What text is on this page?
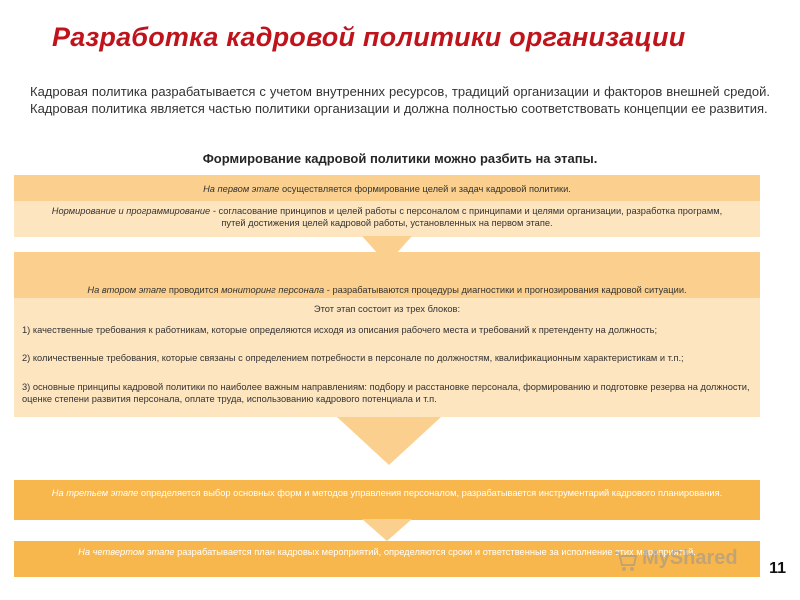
Разработка кадровой политики организации

Кадровая политика разрабатывается с учетом внутренних ресурсов, традиций организации и факторов внешней средой. Кадровая политика является частью политики организации и должна полностью соответствовать концепции ее развития.

Формирование кадровой политики можно разбить на этапы.
На первом этапе осуществляется формирование целей и задач кадровой политики.
Нормирование и программирование - согласование принципов и целей работы с персоналом с принципами и целями организации, разработка программ, путей достижения целей кадровой работы, установленных на первом этапе.
На втором этапе проводится мониторинг персонала - разрабатываются процедуры диагностики и прогнозирования кадровой ситуации.
Этот этап состоит из трех блоков:
1) качественные требования к работникам, которые определяются исходя из описания рабочего места и требований к претенденту на должность;
2) количественные требования, которые связаны с определением потребности в персонале по должностям, квалификационным характеристикам и т.п.;
3) основные принципы кадровой политики по наиболее важным направлениям: подбору и расстановке персонала, формированию и подготовке резерва на должности, оценке степени развития персонала, оплате труда, использованию кадрового потенциала и т.п.
На третьем этапе определяется выбор основных форм и методов управления персоналом, разрабатывается инструментарий кадрового планирования.
На четвертом этапе разрабатывается план кадровых мероприятий, определяются сроки и ответственные за исполнение этих мероприятий.
MyShared 11
